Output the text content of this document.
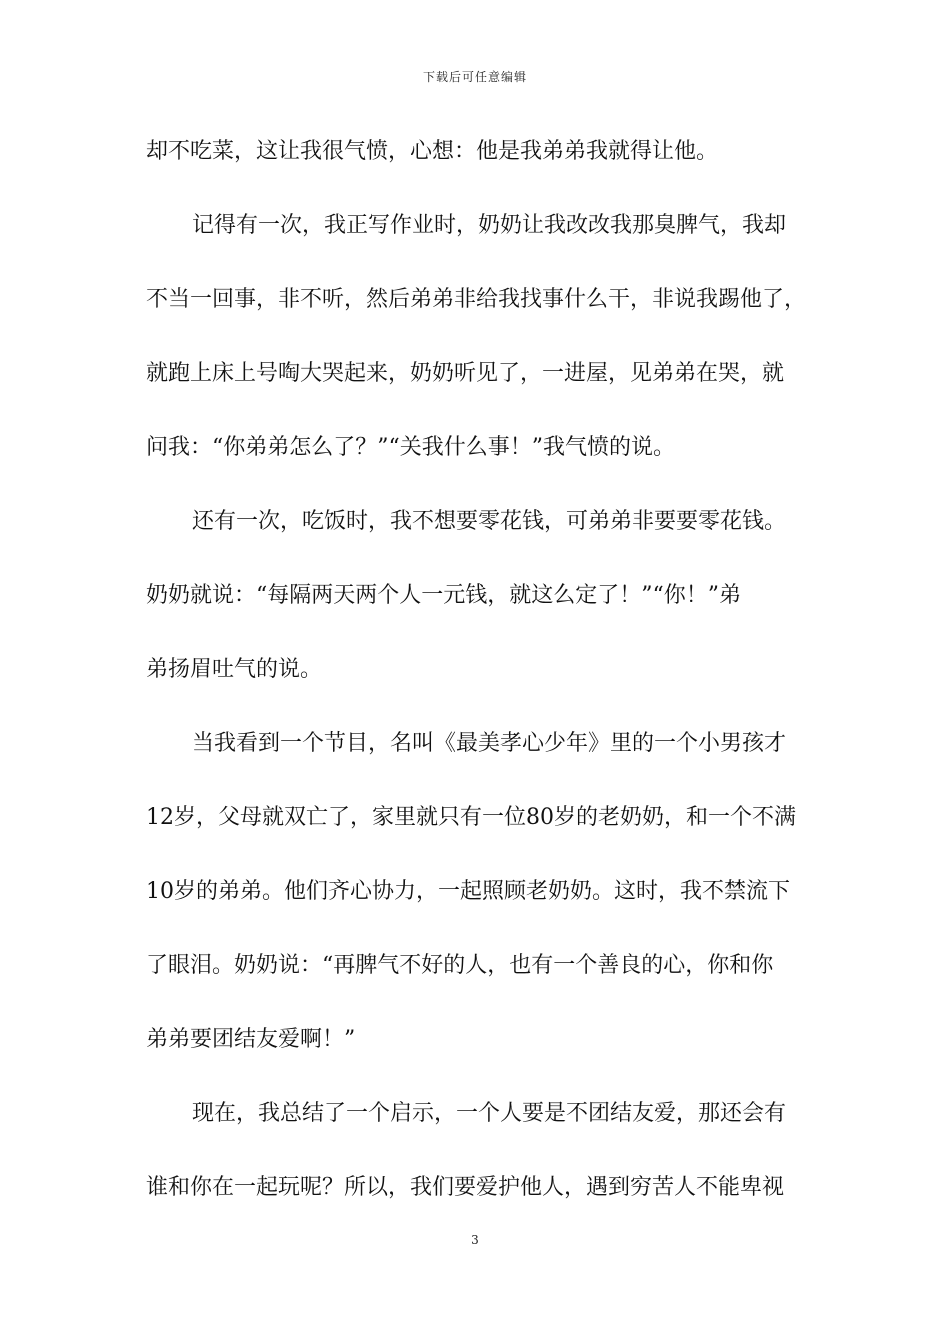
下载后可任意编辑
却不吃菜，这让我很气愤，心想：他是我弟弟我就得让他。
记得有一次，我正写作业时，奶奶让我改改我那臭脾气，我却
不当一回事，非不听，然后弟弟非给我找事什么干，非说我踢他了，
就跑上床上号啕大哭起来，奶奶听见了，一进屋，见弟弟在哭，就
问我：“你弟弟怎么了？”“关我什么事！”我气愤的说。
还有一次，吃饭时，我不想要零花钱，可弟弟非要要零花钱。
奶奶就说：“每隔两天两个人一元钱，就这么定了！”“你！”弟
弟扬眉吐气的说。
当我看到一个节目，名叫《最美孝心少年》里的一个小男孩才
12岁，父母就双亡了，家里就只有一位80岁的老奶奶，和一个不满
10岁的弟弟。他们齐心协力，一起照顾老奶奶。这时，我不禁流下
了眼泪。奶奶说：“再脾气不好的人，也有一个善良的心，你和你
弟弟要团结友爱啊！”
现在，我总结了一个启示，一个人要是不团结友爱，那还会有
谁和你在一起玩呢？所以，我们要爱护他人，遇到穷苦人不能卑视
3
